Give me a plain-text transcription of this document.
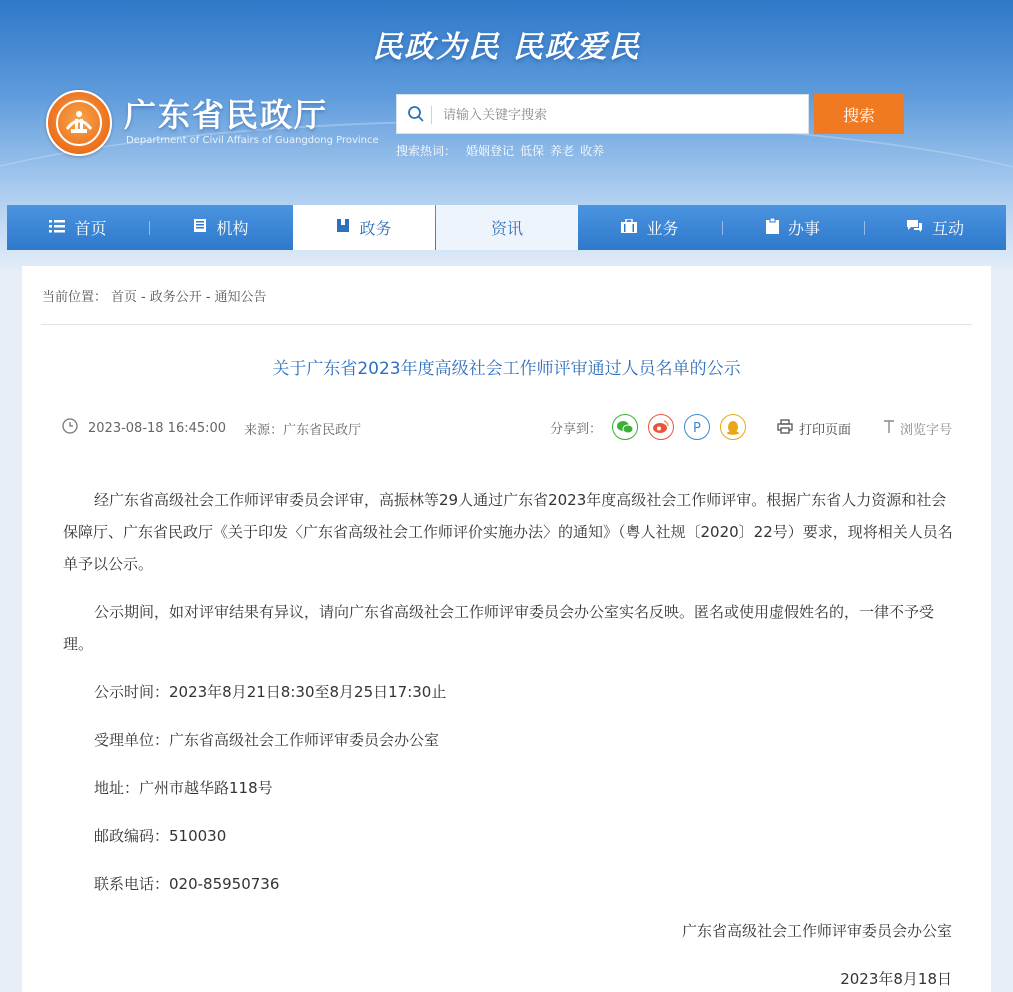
民政为民 民政爱民
广东省民政厅
Department of Civil Affairs of Guangdong Province
请输入关键字搜索
搜索
搜索热词： 婚姻登记 低保 养老 收养
首页	机构	政务	资讯	业务	办事	互动
当前位置： 首页 - 政务公开 - 通知公告
关于广东省2023年度高级社会工作师评审通过人员名单的公示
2023-08-18 16:45:00 来源：广东省民政厅	分享到：	P	打印页面	浏览字号

经广东省高级社会工作师评审委员会评审，高振林等29人通过广东省2023年度高级社会工作师评审。根据广东省人力资源和社会保障厅、广东省民政厅《关于印发〈广东省高级社会工作师评价实施办法〉的通知》（粤人社规〔2020〕22号）要求，现将相关人员名单予以公示。

公示期间，如对评审结果有异议，请向广东省高级社会工作师评审委员会办公室实名反映。匿名或使用虚假姓名的，一律不予受理。

公示时间：2023年8月21日8:30至8月25日17:30止
受理单位：广东省高级社会工作师评审委员会办公室
地址：广州市越华路118号
邮政编码：510030
联系电话：020-85950736
广东省高级社会工作师评审委员会办公室
2023年8月18日
